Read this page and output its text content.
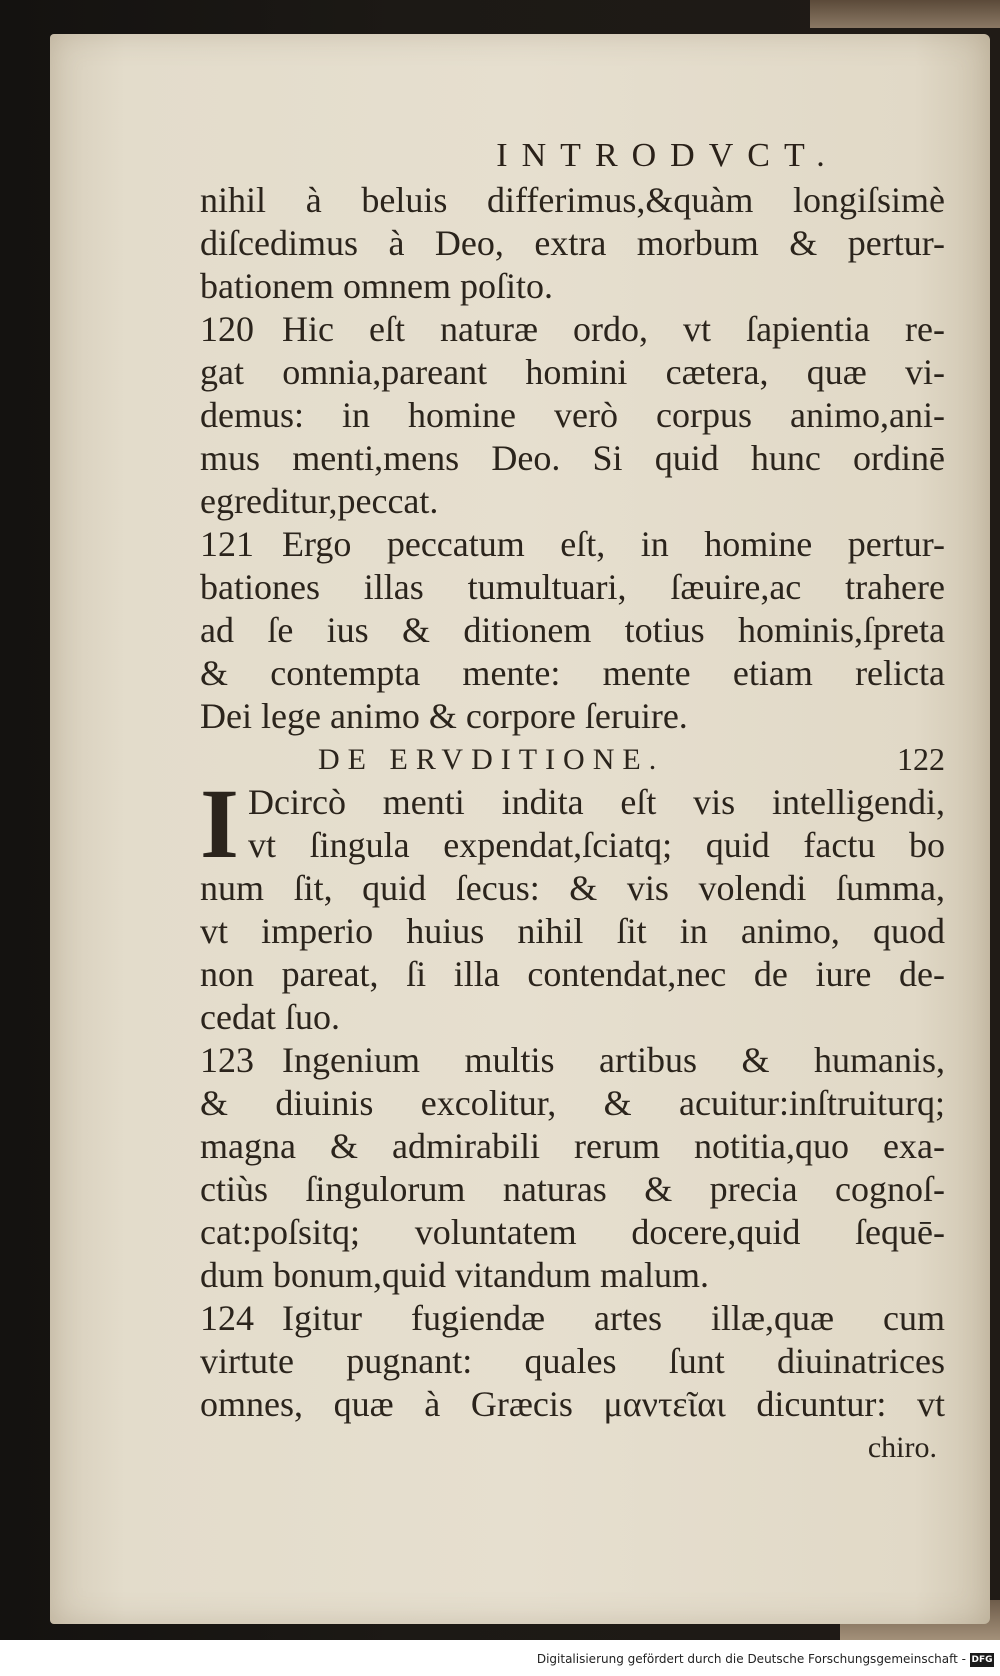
INTRODVCT.
nihil à beluis differimus,&quàm longiſsimè
diſcedimus à Deo, extra morbum & pertur-
bationem omnem poſito.
120 Hic eſt naturæ ordo, vt ſapientia re-
gat omnia,pareant homini cætera, quæ vi-
demus: in homine verò corpus animo,ani-
mus menti,mens Deo. Si quid hunc ordinē
egreditur,peccat.
121 Ergo peccatum eſt, in homine pertur-
bationes illas tumultuari, ſæuire,ac trahere
ad ſe ius & ditionem totius hominis,ſpreta
& contempta mente: mente etiam relicta
Dei lege animo & corpore ſeruire.
DE ERVDITIONE.	122
I Dcircò menti indita eſt vis intelligendi,
vt ſingula expendat,ſciatq; quid factu bo
num ſit, quid ſecus: & vis volendi ſumma,
vt imperio huius nihil ſit in animo, quod
non pareat, ſi illa contendat,nec de iure de-
cedat ſuo.
123 Ingenium multis artibus & humanis,
& diuinis excolitur, & acuitur:inſtruiturq;
magna & admirabili rerum notitia,quo exa-
ctiùs ſingulorum naturas & precia cognoſ-
cat:poſsitq; voluntatem docere,quid ſequē-
dum bonum,quid vitandum malum.
124 Igitur fugiendæ artes illæ,quæ cum
virtute pugnant: quales ſunt diuinatrices
omnes, quæ à Græcis μαντεῖαι dicuntur: vt
chiro.
Digitalisierung gefördert durch die Deutsche Forschungsgemeinschaft - DFG
